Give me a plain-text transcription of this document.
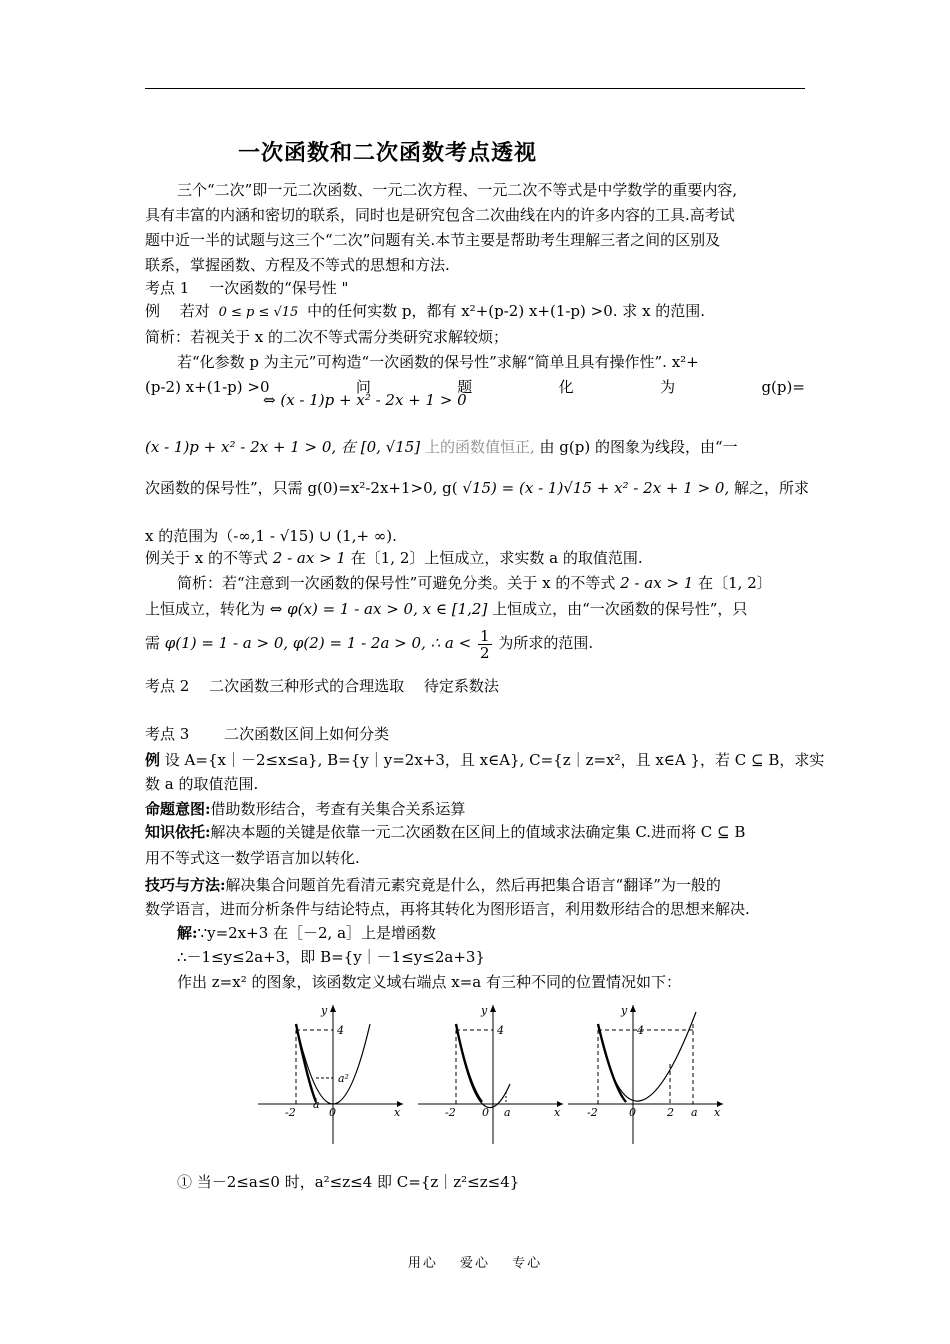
一次函数和二次函数考点透视
三个“二次”即一元二次函数、一元二次方程、一元二次不等式是中学数学的重要内容,
具有丰富的内涵和密切的联系，同时也是研究包含二次曲线在内的许多内容的工具.高考试
题中近一半的试题与这三个“二次”问题有关.本节主要是帮助考生理解三者之间的区别及
联系，掌握函数、方程及不等式的思想和方法.
考点 1 　一次函数的“保号性 "
例 　若对 0 ≤ p ≤ √15 中的任何实数 p，都有 x²+(p-2) x+(1-p) >0. 求 x 的范围.
简析：若视关于 x 的二次不等式需分类研究求解较烦；
若“化参数 p 为主元”可构造“一次函数的保号性”求解“简单且具有操作性”. x²+
(p-2) x+(1-p) >0	问	题	化	为	g(p)=
⇔ (x - 1)p + x² - 2x + 1 > 0
(x - 1)p + x² - 2x + 1 > 0, 在 [0, √15] 上的函数值恒正, 由 g(p) 的图象为线段，由“一
次函数的保号性”，只需 g(0)=x²-2x+1>0, g( √15) = (x - 1)√15 + x² - 2x + 1 > 0, 解之，所求
x 的范围为（-∞,1 - √15) ∪ (1,+ ∞).
例关于 x 的不等式 2 - ax > 1 在〔1, 2〕上恒成立，求实数 a 的取值范围.
简析：若“注意到一次函数的保号性”可避免分类。关于 x 的不等式 2 - ax > 1 在〔1, 2〕
上恒成立，转化为 ⇔ φ(x) = 1 - ax > 0, x ∈ [1,2] 上恒成立，由“一次函数的保号性”，只
需 φ(1) = 1 - a > 0, φ(2) = 1 - 2a > 0, ∴ $a < \frac{1}{2}$ 为所求的范围.
考点 2 　二次函数三种形式的合理选取 　待定系数法
考点 3 　　二次函数区间上如何分类
例 设 A={x｜－2≤x≤a}, B={y｜y=2x+3，且 x∈A}, C={z｜z=x²，且 x∈A }，若 C ⊆ B，求实
数 a 的取值范围.
命题意图:借助数形结合，考查有关集合关系运算
知识依托:解决本题的关键是依靠一元二次函数在区间上的值域求法确定集 C.进而将 C ⊆ B
用不等式这一数学语言加以转化.
技巧与方法:解决集合问题首先看清元素究竟是什么，然后再把集合语言“翻译”为一般的
数学语言，进而分析条件与结论特点，再将其转化为图形语言，利用数形结合的思想来解决.
解:∵y=2x+3 在［－2, a］上是增函数
∴－1≤y≤2a+3，即 B={y｜－1≤y≤2a+3}
作出 z=x² 的图象，该函数定义域右端点 x=a 有三种不同的位置情况如下：
4
y
x
-2	0
a
a²
4
y
x
-2 0 a
4
y
x
-2	0	2 a
① 当－2≤a≤0 时，a²≤z≤4 即 C={z｜z²≤z≤4}
用心 爱心 专心
